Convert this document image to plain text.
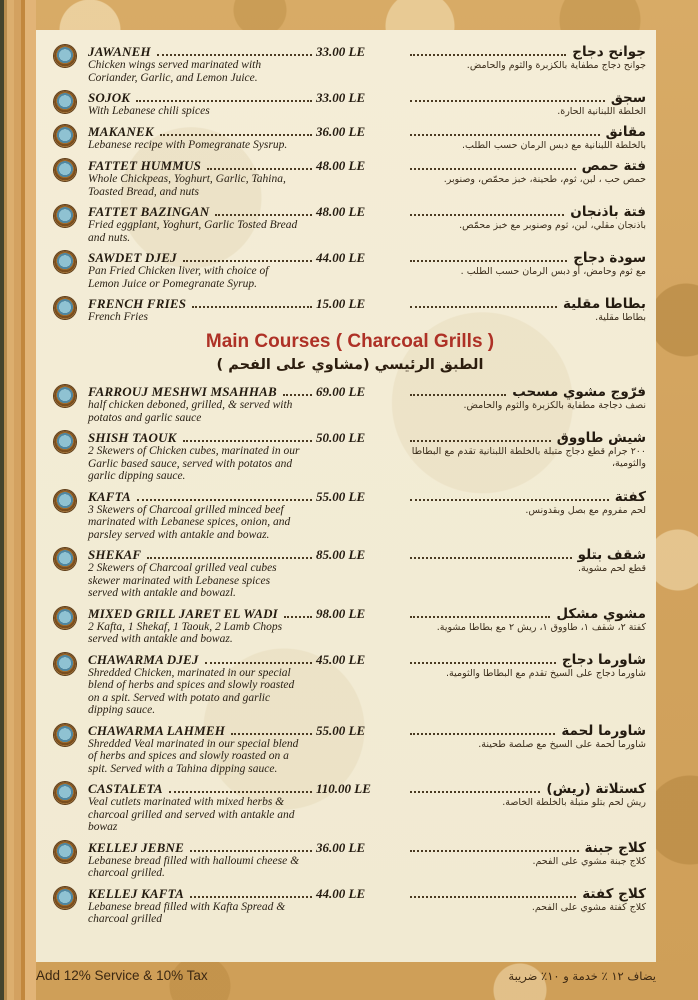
JAWANEH
Chicken wings served marinated with Coriander, Garlic, and Lemon Juice.
33.00 LE	جوانح دجاج
جوانح دجاج مطفاية بالكزبرة والثوم والحامض.
SOJOK
With Lebanese chili spices
33.00 LE	سجق
الخلطة اللبنانية الحارة.
MAKANEK
Lebanese recipe with Pomegranate Sysrup.
36.00 LE	مقانق
بالخلطة اللبنانية مع دبس الرمان حسب الطلب.
FATTET HUMMUS
Whole Chickpeas, Yoghurt, Garlic, Tahina, Toasted Bread, and nuts
48.00 LE	فتة حمص
حمص حب ، لبن، ثوم، طحينة، خبز محمّص، وصنوبر.
FATTET BAZINGAN
Fried eggplant, Yoghurt, Garlic Tosted Bread and nuts.
48.00 LE	فتة باذنجان
باذنجان مقلي، لبن، ثوم وصنوبر مع خبز محمّص.
SAWDET DJEJ
Pan Fried Chicken liver, with choice of Lemon Juice or Pomegranate Syrup.
44.00 LE	سودة دجاج
مع ثوم وحامض، أو دبس الرمان حسب الطلب .
FRENCH FRIES
French Fries
15.00 LE	بطاطا مقلية
بطاطا مقلية.
Main Courses ( Charcoal Grills )
الطبق الرئيسي (مشاوي على الفحم )
FARROUJ MESHWI MSAHHAB
half chicken deboned, grilled, & served with potatos and garlic sauce
69.00 LE	فرّوج مشوي مسحب
نصف دجاجة مطفاية بالكزبرة والثوم والحامض.
SHISH TAOUK
2 Skewers of Chicken cubes, marinated in our Garlic based sauce, served with potatos and garlic dipping sauce.
50.00 LE	شيش طاووق
٢٠٠ جرام قطع دجاج متبلة بالخلطة اللبنانية تقدم مع البطاطا والثومية،
KAFTA
3 Skewers of Charcoal grilled minced beef marinated with Lebanese spices, onion, and parsley served with antakle and bowaz.
55.00 LE	كفتة
لحم مفروم مع بصل وبقدونس.
SHEKAF
2 Skewers of Charcoal grilled veal cubes skewer marinated with Lebanese spices served with antakle and bowazl.
85.00 LE	شقف بتلو
قطع لحم مشوية.
MIXED GRILL JARET EL WADI
2 Kafta, 1 Shekaf, 1 Taouk, 2 Lamb Chops served with antakle and bowaz.
98.00 LE	مشوي مشكل
كفتة ٢، شقف ١، طاووق ١، ريش ٢ مع بطاطا مشوية.
CHAWARMA DJEJ
Shredded Chicken, marinated in our special blend of herbs and spices and slowly roasted on a spit. Served with potato and garlic dipping sauce.
45.00 LE	شاورما دجاج
شاورما دجاج على السيخ تقدم مع البطاطا والثومية.
CHAWARMA LAHMEH
Shredded Veal marinated in our special blend of herbs and spices and slowly roasted on a spit. Served with a Tahina dipping sauce.
55.00 LE	شاورما لحمة
شاورما لحمة على السيخ مع صلصة طحينة.
CASTALETA
Veal cutlets marinated with mixed herbs & charcoal grilled and served with antakle and bowaz
110.00 LE	كستلاتة (ريش)
ريش لحم بتلو متبلة بالخلطة الخاصة.
KELLEJ JEBNE
Lebanese bread filled with halloumi cheese & charcoal grilled.
36.00 LE	كلاج جبنة
كلاج جبنة مشوي على الفحم.
KELLEJ KAFTA
Lebanese bread filled with Kafta Spread & charcoal grilled
44.00 LE	كلاج كفتة
كلاج كفتة مشوي على الفحم.
Add 12% Service & 10% Tax	يضاف ١٢ ٪ خدمة و ١٠٪ ضريبة
